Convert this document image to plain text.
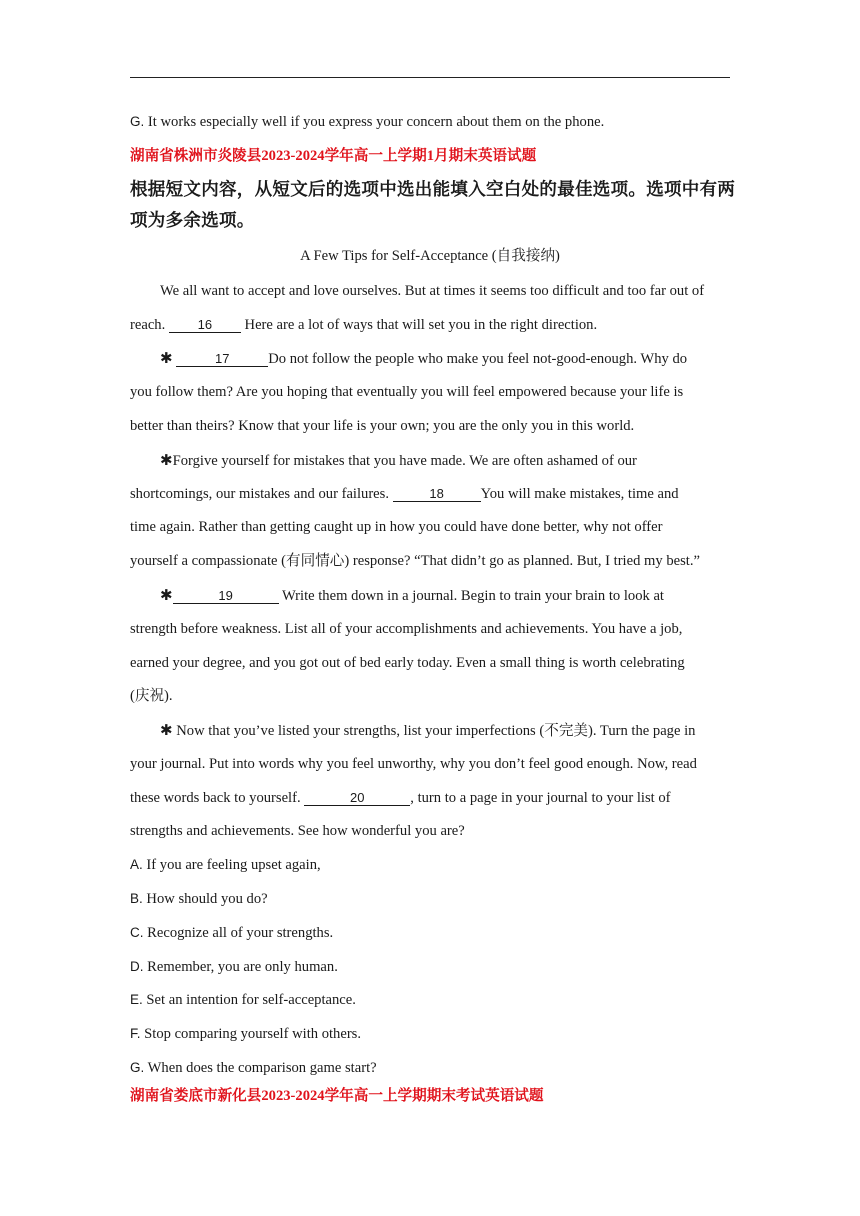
G. It works especially well if you express your concern about them on the phone.
湖南省株洲市炎陵县2023-2024学年高一上学期1月期末英语试题
根据短文内容，从短文后的选项中选出能填入空白处的最佳选项。选项中有两
项为多余选项。
A Few Tips for Self-Acceptance (自我接纳)
We all want to accept and love ourselves. But at times it seems too difficult and too far out of
reach. 16 Here are a lot of ways that will set you in the right direction.
✱	17	Do not follow the people who make you feel not-good-enough. Why do
you follow them? Are you hoping that eventually you will feel empowered because your life is
better than theirs? Know that your life is your own; you are the only you in this world.
✱Forgive yourself for mistakes that you have made. We are often ashamed of our
shortcomings, our mistakes and our failures.	18	You will make mistakes, time and
time again. Rather than getting caught up in how you could have done better, why not offer
yourself a compassionate (有同情心) response? “That didn’t go as planned. But, I tried my best.”
✱	19	Write them down in a journal. Begin to train your brain to look at
strength before weakness. List all of your accomplishments and achievements. You have a job,
earned your degree, and you got out of bed early today. Even a small thing is worth celebrating
(庆祝).
✱ Now that you’ve listed your strengths, list your imperfections (不完美). Turn the page in
your journal. Put into words why you feel unworthy, why you don’t feel good enough. Now, read
these words back to yourself.	20	, turn to a page in your journal to your list of
strengths and achievements. See how wonderful you are?
A. If you are feeling upset again,
B. How should you do?
C. Recognize all of your strengths.
D. Remember, you are only human.
E. Set an intention for self-acceptance.
F. Stop comparing yourself with others.
G. When does the comparison game start?
湖南省娄底市新化县2023-2024学年高一上学期期末考试英语试题
